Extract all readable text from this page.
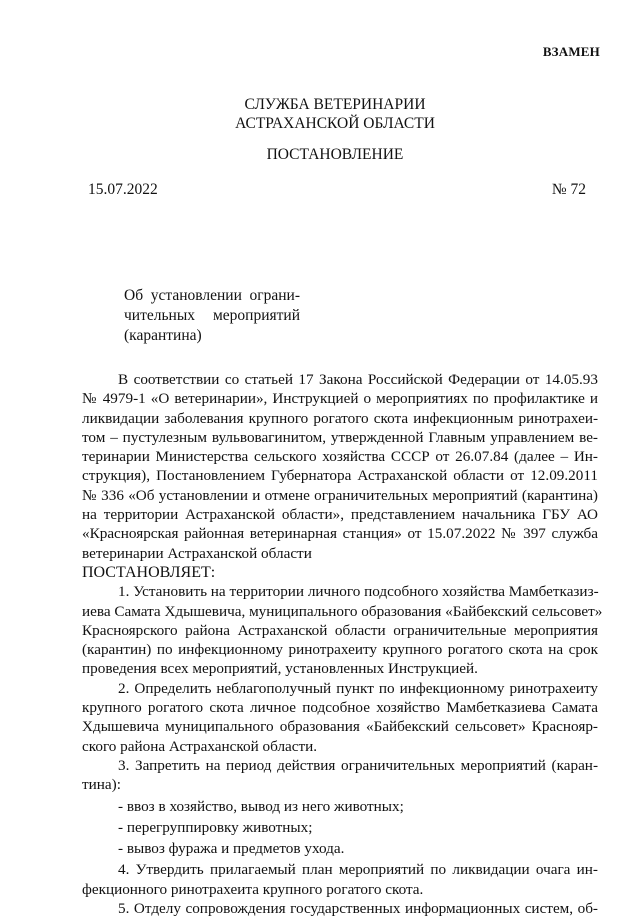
ВЗАМЕН
СЛУЖБА ВЕТЕРИНАРИИ
АСТРАХАНСКОЙ ОБЛАСТИ
ПОСТАНОВЛЕНИЕ
15.07.2022	№ 72
Об установлении ограни-
чительных мероприятий
(карантина)
В соответствии со статьей 17 Закона Российской Федерации от 14.05.93
№ 4979-1 «О ветеринарии», Инструкцией о мероприятиях по профилактике и
ликвидации заболевания крупного рогатого скота инфекционным ринотрахеи-
том – пустулезным вульвовагинитом, утвержденной Главным управлением ве-
теринарии Министерства сельского хозяйства СССР от 26.07.84 (далее – Ин-
струкция), Постановлением Губернатора Астраханской области от 12.09.2011
№ 336 «Об установлении и отмене ограничительных мероприятий (карантина)
на территории Астраханской области», представлением начальника ГБУ АО
«Красноярская районная ветеринарная станция» от 15.07.2022 № 397 служба
ветеринарии Астраханской области
ПОСТАНОВЛЯЕТ:
1. Установить на территории личного подсобного хозяйства Мамбетказиз-
иева Самата Хдышевича, муниципального образования «Байбекский сельсовет»
Красноярского района Астраханской области ограничительные мероприятия
(карантин) по инфекционному ринотрахеиту крупного рогатого скота на срок
проведения всех мероприятий, установленных Инструкцией.
2. Определить неблагополучный пункт по инфекционному ринотрахеиту
крупного рогатого скота личное подсобное хозяйство Мамбетказиева Самата
Хдышевича муниципального образования «Байбекский сельсовет» Краснояр-
ского района Астраханской области.
3. Запретить на период действия ограничительных мероприятий (каран-
тина):
- ввоз в хозяйство, вывод из него животных;
- перегруппировку животных;
- вывоз фуража и предметов ухода.
4. Утвердить прилагаемый план мероприятий по ликвидации очага ин-
фекционного ринотрахеита крупного рогатого скота.
5. Отделу сопровождения государственных информационных систем, об-
